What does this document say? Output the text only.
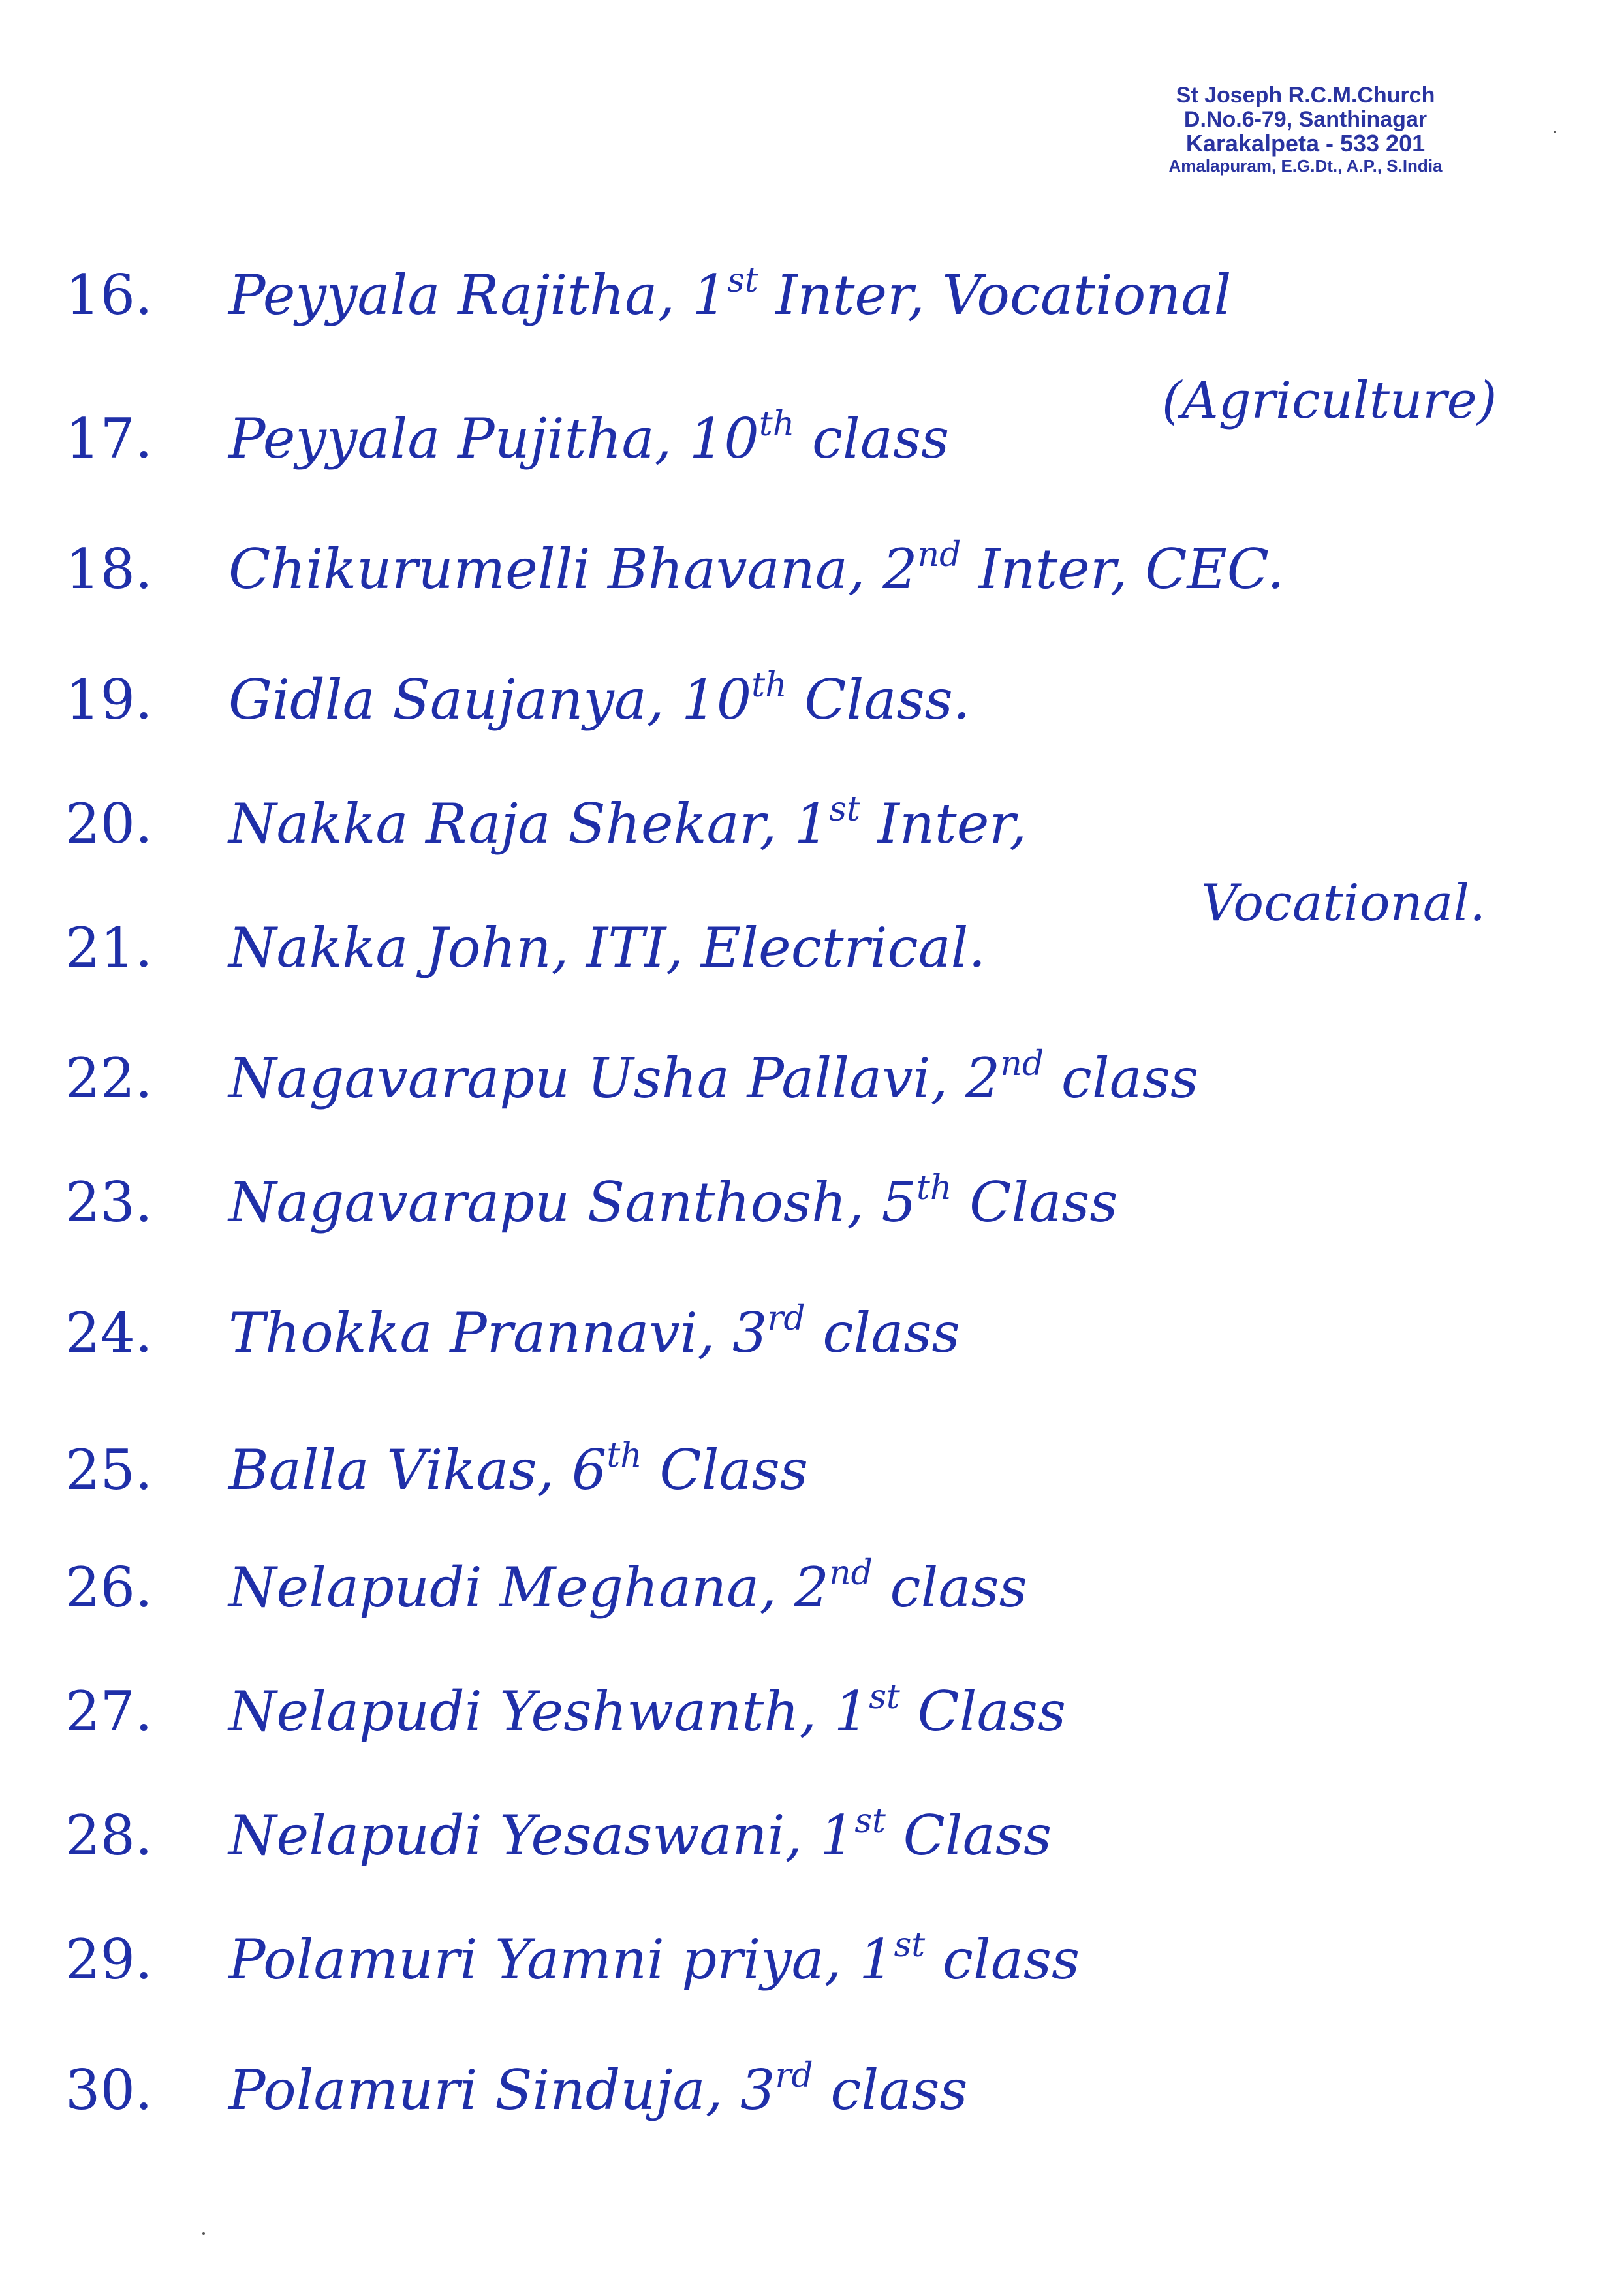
St Joseph R.C.M.Church
D.No.6-79, Santhinagar
Karakalpeta - 533 201
Amalapuram, E.G.Dt., A.P., S.India
16. Peyyala Rajitha, 1st Inter, Vocational
17. Peyyala Pujitha, 10th class
18. Chikurumelli Bhavana, 2nd Inter, CEC.
19. Gidla Saujanya, 10th Class.
20. Nakka Raja Shekar, 1st Inter,
21. Nakka John, ITI, Electrical.
22. Nagavarapu Usha Pallavi, 2nd class
23. Nagavarapu Santhosh, 5th Class
24. Thokka Prannavi, 3rd class
25. Balla Vikas, 6th Class
26. Nelapudi Meghana, 2nd class
27. Nelapudi Yeshwanth, 1st Class
28. Nelapudi Yesaswani, 1st Class
29. Polamuri Yamni priya, 1st class
30. Polamuri Sinduja, 3rd class
(Agriculture)
Vocational.
